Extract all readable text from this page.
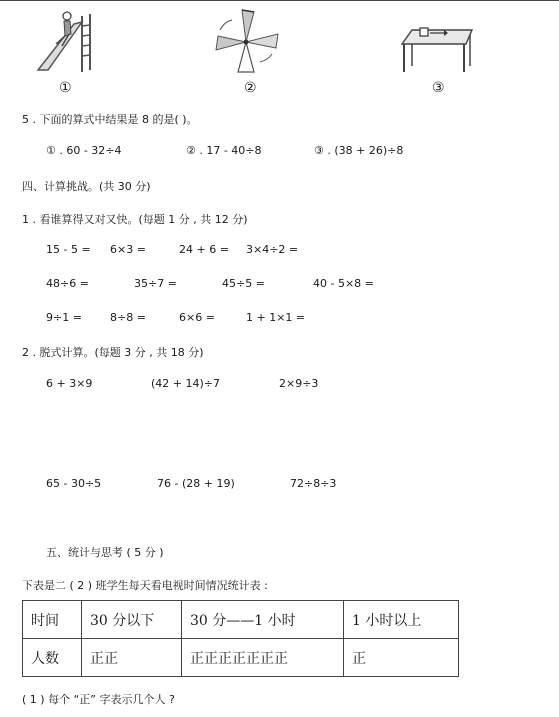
①	②	③
5 . 下面的算式中结果是 8 的是( )。
① . 60 - 32÷4	② . 17 - 40÷8	③ . (38 + 26)÷8
四、计算挑战。(共 30 分)
1 . 看谁算得又对又快。(每题 1 分 , 共 12 分)
15 - 5 = 6×3 =	24 + 6 = 3×4÷2 =
48÷6 =	35÷7 =	45÷5 =	40 - 5×8 =
9÷1 =	8÷8 =	6×6 =	1 + 1×1 =
2 . 脱式计算。(每题 3 分 , 共 18 分)
6 + 3×9	(42 + 14)÷7	2×9÷3
65 - 30÷5	76 - (28 + 19)	72÷8÷3
五、统计与思考 ( 5 分 )
下表是二 ( 2 ) 班学生每天看电视时间情况统计表 :
时间	30 分以下	30 分——1 小时	1 小时以上
人数	正正	正正正正正正正	正
( 1 ) 每个 “正” 字表示几个人 ?
